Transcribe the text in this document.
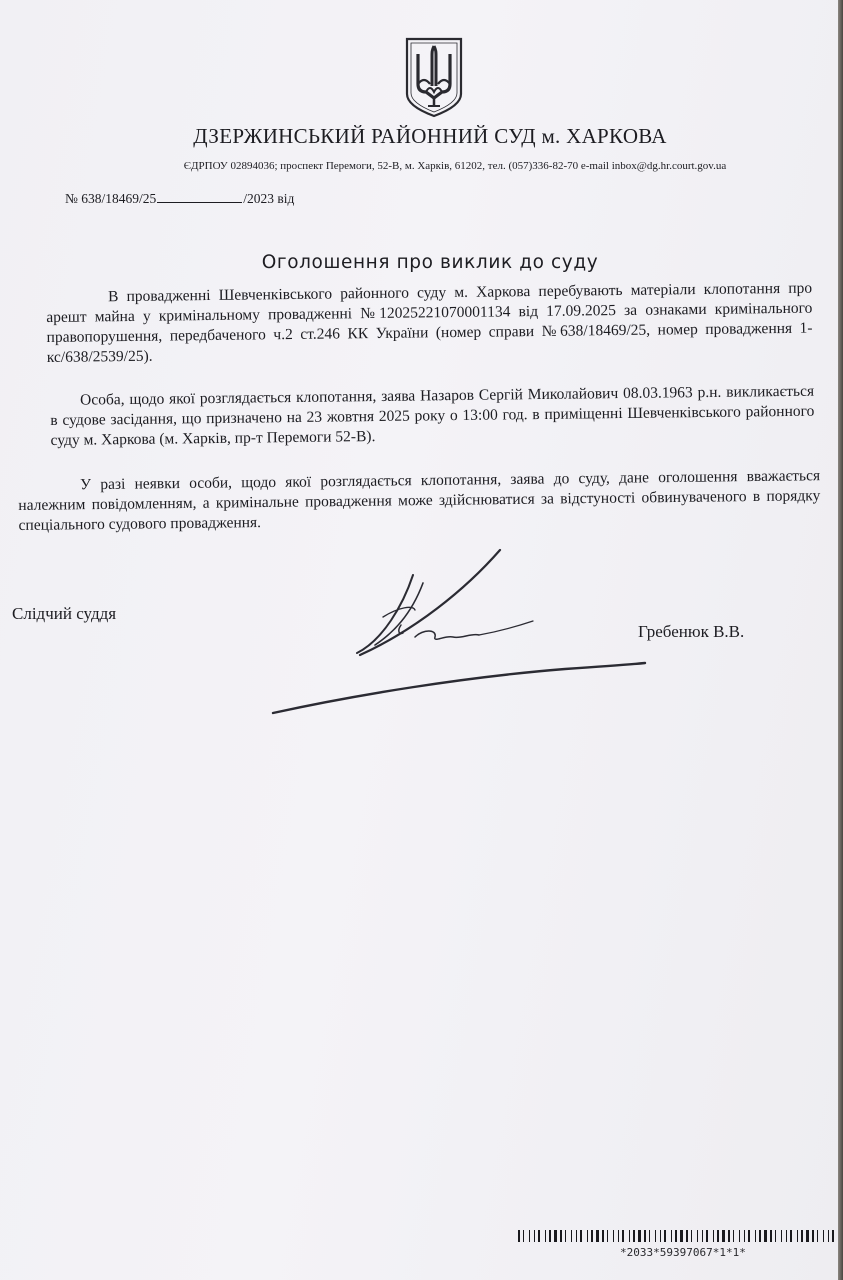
ДЗЕРЖИНСЬКИЙ РАЙОННИЙ СУД м. ХАРКОВА
ЄДРПОУ 02894036; проспект Перемоги, 52-В, м. Харків, 61202, тел. (057)336-82-70 e-mail inbox@dg.hr.court.gov.ua
№ 638/18469/25	/2023 від
Оголошення про виклик до суду
В провадженні Шевченківського районного суду м. Харкова перебувають матеріали клопотання про арешт майна у кримінальному провадженні №12025221070001134 від 17.09.2025 за ознаками кримінального правопорушення, передбаченого ч.2 ст.246 КК України (номер справи №638/18469/25, номер провадження 1-кс/638/2539/25).
Особа, щодо якої розглядається клопотання, заява Назаров Сергій Миколайович 08.03.1963 р.н. викликається в судове засідання, що призначено на 23 жовтня 2025 року о 13:00 год. в приміщенні Шевченківського районного суду м. Харкова (м. Харків, пр-т Перемоги 52-В).
У разі неявки особи, щодо якої розглядається клопотання, заява до суду, дане оголошення вважається належним повідомленням, а кримінальне провадження може здійснюватися за відстуності обвинуваченого в порядку спеціального судового провадження.
Слідчий суддя
Гребенюк В.В.
*2033*59397067*1*1*
